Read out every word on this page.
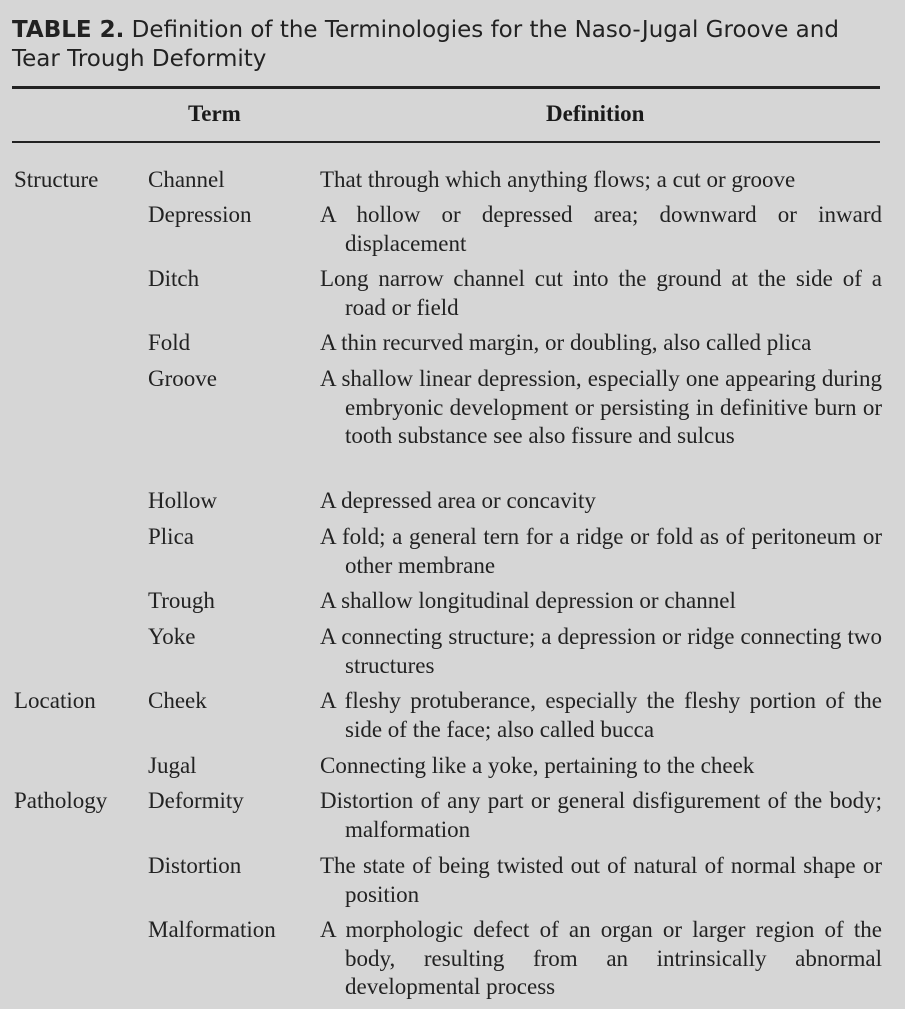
TABLE 2. Definition of the Terminologies for the Naso-Jugal Groove and Tear Trough Deformity
Term	Definition
Structure Channel	That through which anything flows; a cut or groove
Depression	A hollow or depressed area; downward or inward displacement
Ditch	Long narrow channel cut into the ground at the side of a road or field
Fold	A thin recurved margin, or doubling, also called plica
Groove	A shallow linear depression, especially one appearing during embryonic development or persisting in definitive burn or tooth substance see also fissure and sulcus
Hollow	A depressed area or concavity
Plica	A fold; a general tern for a ridge or fold as of peritoneum or other membrane
Trough	A shallow longitudinal depression or channel
Yoke	A connecting structure; a depression or ridge connecting two structures
Location Cheek	A fleshy protuberance, especially the fleshy portion of the side of the face; also called bucca
Jugal	Connecting like a yoke, pertaining to the cheek
Pathology Deformity	Distortion of any part or general disfigurement of the body; malformation
Distortion	The state of being twisted out of natural of normal shape or position
Malformation A morphologic defect of an organ or larger region of the body, resulting from an intrinsically abnormal developmental process
